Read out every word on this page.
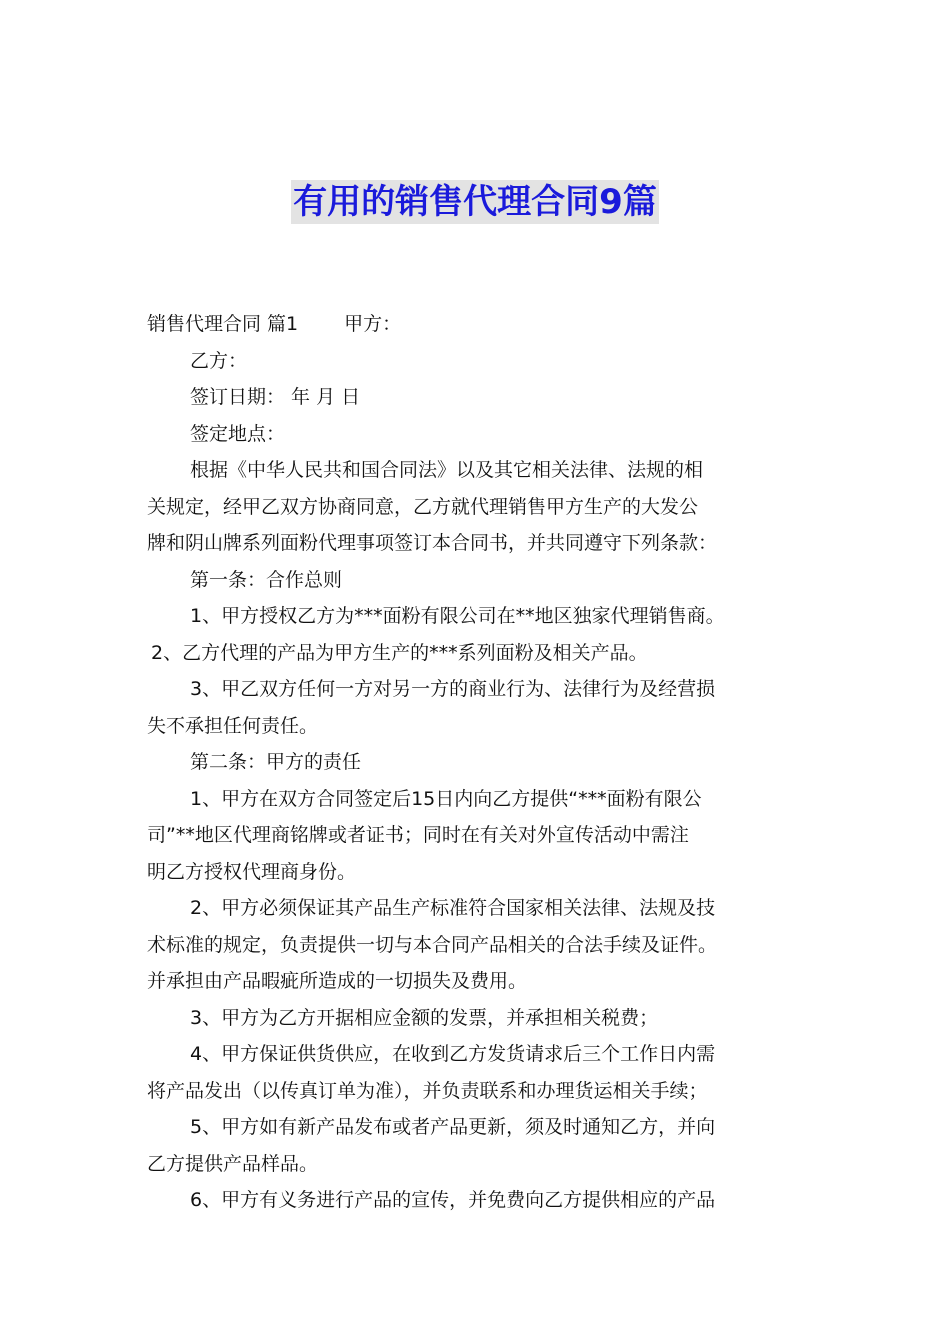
有用的销售代理合同9篇
销售代理合同 篇1 甲方：
乙方：
签订日期： 年 月 日
签定地点：
根据《中华人民共和国合同法》以及其它相关法律、法规的相
关规定，经甲乙双方协商同意，乙方就代理销售甲方生产的大发公
牌和阴山牌系列面粉代理事项签订本合同书，并共同遵守下列条款：
第一条：合作总则
1、甲方授权乙方为***面粉有限公司在**地区独家代理销售商。
2、乙方代理的产品为甲方生产的***系列面粉及相关产品。
3、甲乙双方任何一方对另一方的商业行为、法律行为及经营损
失不承担任何责任。
第二条：甲方的责任
1、甲方在双方合同签定后15日内向乙方提供“***面粉有限公
司”**地区代理商铭牌或者证书；同时在有关对外宣传活动中需注
明乙方授权代理商身份。
2、甲方必须保证其产品生产标准符合国家相关法律、法规及技
术标准的规定，负责提供一切与本合同产品相关的合法手续及证件。
并承担由产品暇疵所造成的一切损失及费用。
3、甲方为乙方开据相应金额的发票，并承担相关税费；
4、甲方保证供货供应，在收到乙方发货请求后三个工作日内需
将产品发出（以传真订单为准），并负责联系和办理货运相关手续；
5、甲方如有新产品发布或者产品更新，须及时通知乙方，并向
乙方提供产品样品。
6、甲方有义务进行产品的宣传，并免费向乙方提供相应的产品
